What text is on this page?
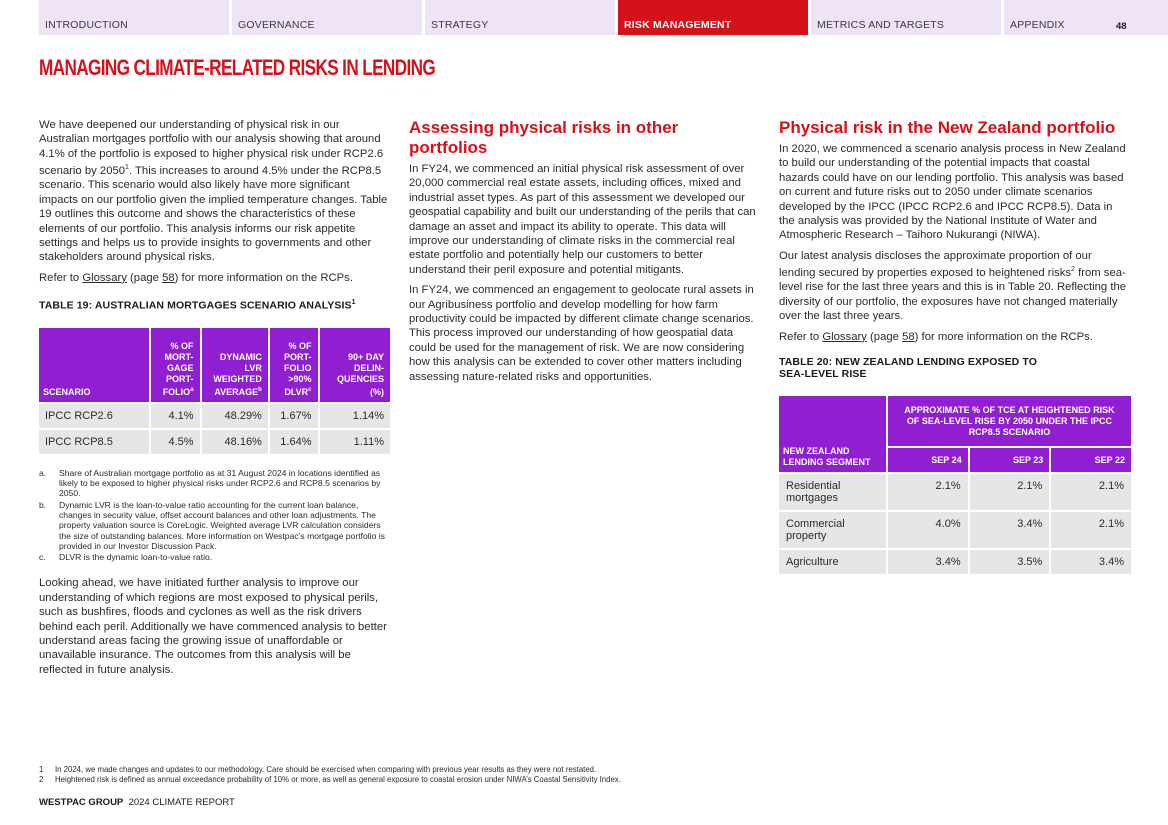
INTRODUCTION	GOVERNANCE	STRATEGY	RISK MANAGEMENT	METRICS AND TARGETS	APPENDIX	48
MANAGING CLIMATE-RELATED RISKS IN LENDING

We have deepened our understanding of physical risk in our Australian mortgages portfolio with our analysis showing that around 4.1% of the portfolio is exposed to higher physical risk under RCP2.6 scenario by 2050$^1$. This increases to around 4.5% under the RCP8.5 scenario. This scenario would also likely have more significant impacts on our portfolio given the implied temperature changes. Table 19 outlines this outcome and shows the characteristics of these elements of our portfolio. This analysis informs our risk appetite settings and helps us to provide insights to governments and other stakeholders around physical risks.

Refer to Glossary (page 58) for more information on the RCPs.

TABLE 19: AUSTRALIAN MORTGAGES SCENARIO ANALYSIS$^1$
SCENARIO	% OF MORT-GAGE PORT-FOLIO$^a$	DYNAMIC LVR WEIGHTED AVERAGE$^b$	% OF PORT-FOLIO >90% DLVR$^c$	90+ DAY DELIN-QUENCIES (%)
IPCC RCP2.6	4.1%	48.29%	1.67%	1.14%
IPCC RCP8.5	4.5%	48.16%	1.64%	1.11%
a.	Share of Australian mortgage portfolio as at 31 August 2024 in locations identified as likely to be exposed to higher physical risks under RCP2.6 and RCP8.5 scenarios by 2050.
b.	Dynamic LVR is the loan-to-value ratio accounting for the current loan balance, changes in security value, offset account balances and other loan adjustments. The property valuation source is CoreLogic. Weighted average LVR calculation considers the size of outstanding balances. More information on Westpac’s mortgage portfolio is provided in our Investor Discussion Pack.
c.	DLVR is the dynamic loan-to-value ratio.

Looking ahead, we have initiated further analysis to improve our understanding of which regions are most exposed to physical perils, such as bushfires, floods and cyclones as well as the risk drivers behind each peril. Additionally we have commenced analysis to better understand areas facing the growing issue of unaffordable or unavailable insurance. The outcomes from this analysis will be reflected in future analysis.

Assessing physical risks in other portfolios

In FY24, we commenced an initial physical risk assessment of over 20,000 commercial real estate assets, including offices, mixed and industrial asset types. As part of this assessment we developed our geospatial capability and built our understanding of the perils that can damage an asset and impact its ability to operate. This data will improve our understanding of climate risks in the commercial real estate portfolio and potentially help our customers to better understand their peril exposure and potential mitigants.

In FY24, we commenced an engagement to geolocate rural assets in our Agribusiness portfolio and develop modelling for how farm productivity could be impacted by different climate change scenarios. This process improved our understanding of how geospatial data could be used for the management of risk. We are now considering how this analysis can be extended to cover other matters including assessing nature-related risks and opportunities.

Physical risk in the New Zealand portfolio

In 2020, we commenced a scenario analysis process in New Zealand to build our understanding of the potential impacts that coastal hazards could have on our lending portfolio. This analysis was based on current and future risks out to 2050 under climate scenarios developed by the IPCC (IPCC RCP2.6 and IPCC RCP8.5). Data in the analysis was provided by the National Institute of Water and Atmospheric Research – Taihoro Nukurangi (NIWA).

Our latest analysis discloses the approximate proportion of our lending secured by properties exposed to heightened risks$^2$ from sea-level rise for the last three years and this is in Table 20. Reflecting the diversity of our portfolio, the exposures have not changed materially over the last three years.

Refer to Glossary (page 58) for more information on the RCPs.

TABLE 20: NEW ZEALAND LENDING EXPOSED TO SEA-LEVEL RISE
NEW ZEALAND LENDING SEGMENT	APPROXIMATE % OF TCE AT HEIGHTENED RISK OF SEA-LEVEL RISE BY 2050 UNDER THE IPCC RCP8.5 SCENARIO		
	SEP 24	SEP 23	SEP 22
Residential mortgages	2.1%	2.1%	2.1%
Commercial property	4.0%	3.4%	2.1%
Agriculture	3.4%	3.5%	3.4%
1	In 2024, we made changes and updates to our methodology. Care should be exercised when comparing with previous year results as they were not restated.
2	Heightened risk is defined as annual exceedance probability of 10% or more, as well as general exposure to coastal erosion under NIWA’s Coastal Sensitivity Index.
WESTPAC GROUP 2024 CLIMATE REPORT
